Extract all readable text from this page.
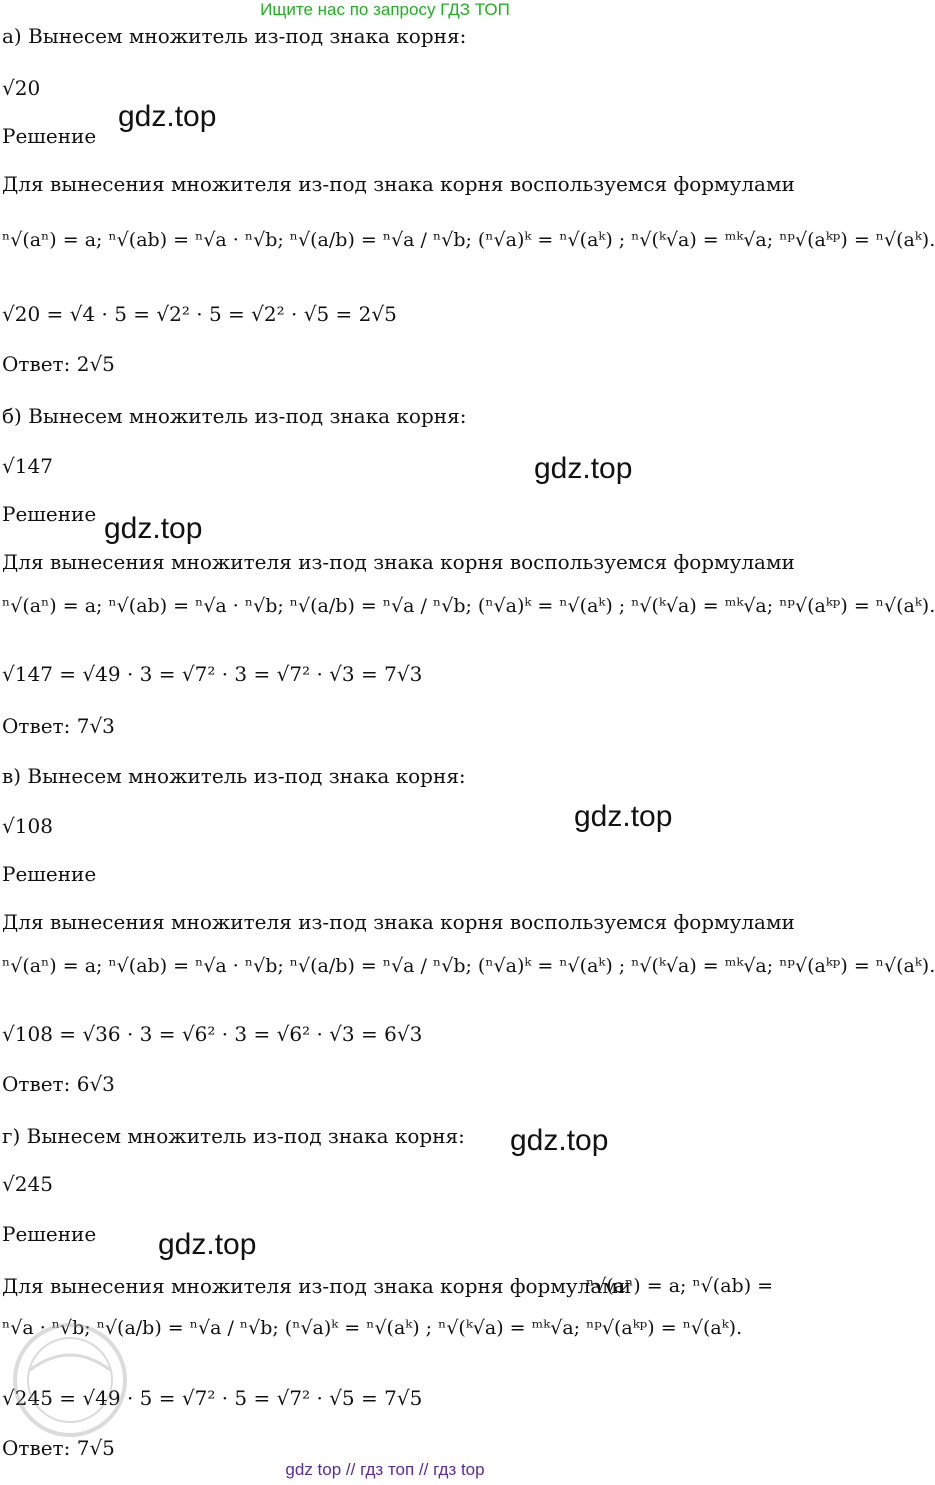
Ищите нас по запросу ГДЗ ТОП
а) Вынесем множитель из-под знака корня:
√20
Решение
gdz.top
Для вынесения множителя из-под знака корня воспользуемся формулами
ⁿ√(aⁿ) = a; ⁿ√(ab) = ⁿ√a · ⁿ√b; ⁿ√(a/b) = ⁿ√a / ⁿ√b; (ⁿ√a)ᵏ = ⁿ√(aᵏ) ; ⁿ√(ᵏ√a) = ᵐᵏ√a; ⁿᵖ√(aᵏᵖ) = ⁿ√(aᵏ).
√20 = √4 · 5 = √2² · 5 = √2² · √5 = 2√5
Ответ: 2√5
б) Вынесем множитель из-под знака корня:
√147	gdz.top
Решение gdz.top
Для вынесения множителя из-под знака корня воспользуемся формулами
ⁿ√(aⁿ) = a; ⁿ√(ab) = ⁿ√a · ⁿ√b; ⁿ√(a/b) = ⁿ√a / ⁿ√b; (ⁿ√a)ᵏ = ⁿ√(aᵏ) ; ⁿ√(ᵏ√a) = ᵐᵏ√a; ⁿᵖ√(aᵏᵖ) = ⁿ√(aᵏ).
√147 = √49 · 3 = √7² · 3 = √7² · √3 = 7√3
Ответ: 7√3
в) Вынесем множитель из-под знака корня:
√108	gdz.top
Решение
Для вынесения множителя из-под знака корня воспользуемся формулами
ⁿ√(aⁿ) = a; ⁿ√(ab) = ⁿ√a · ⁿ√b; ⁿ√(a/b) = ⁿ√a / ⁿ√b; (ⁿ√a)ᵏ = ⁿ√(aᵏ) ; ⁿ√(ᵏ√a) = ᵐᵏ√a; ⁿᵖ√(aᵏᵖ) = ⁿ√(aᵏ).
√108 = √36 · 3 = √6² · 3 = √6² · √3 = 6√3
Ответ: 6√3
г) Вынесем множитель из-под знака корня: gdz.top
√245
Решение gdz.top
Для вынесения множителя из-под знака корня формулами
ⁿ√(aⁿ) = a; ⁿ√(ab) =
ⁿ√a · ⁿ√b; ⁿ√(a/b) = ⁿ√a / ⁿ√b; (ⁿ√a)ᵏ = ⁿ√(aᵏ) ; ⁿ√(ᵏ√a) = ᵐᵏ√a; ⁿᵖ√(aᵏᵖ) = ⁿ√(aᵏ).
√245 = √49 · 5 = √7² · 5 = √7² · √5 = 7√5
Ответ: 7√5
gdz top // гдз топ // гдз top
